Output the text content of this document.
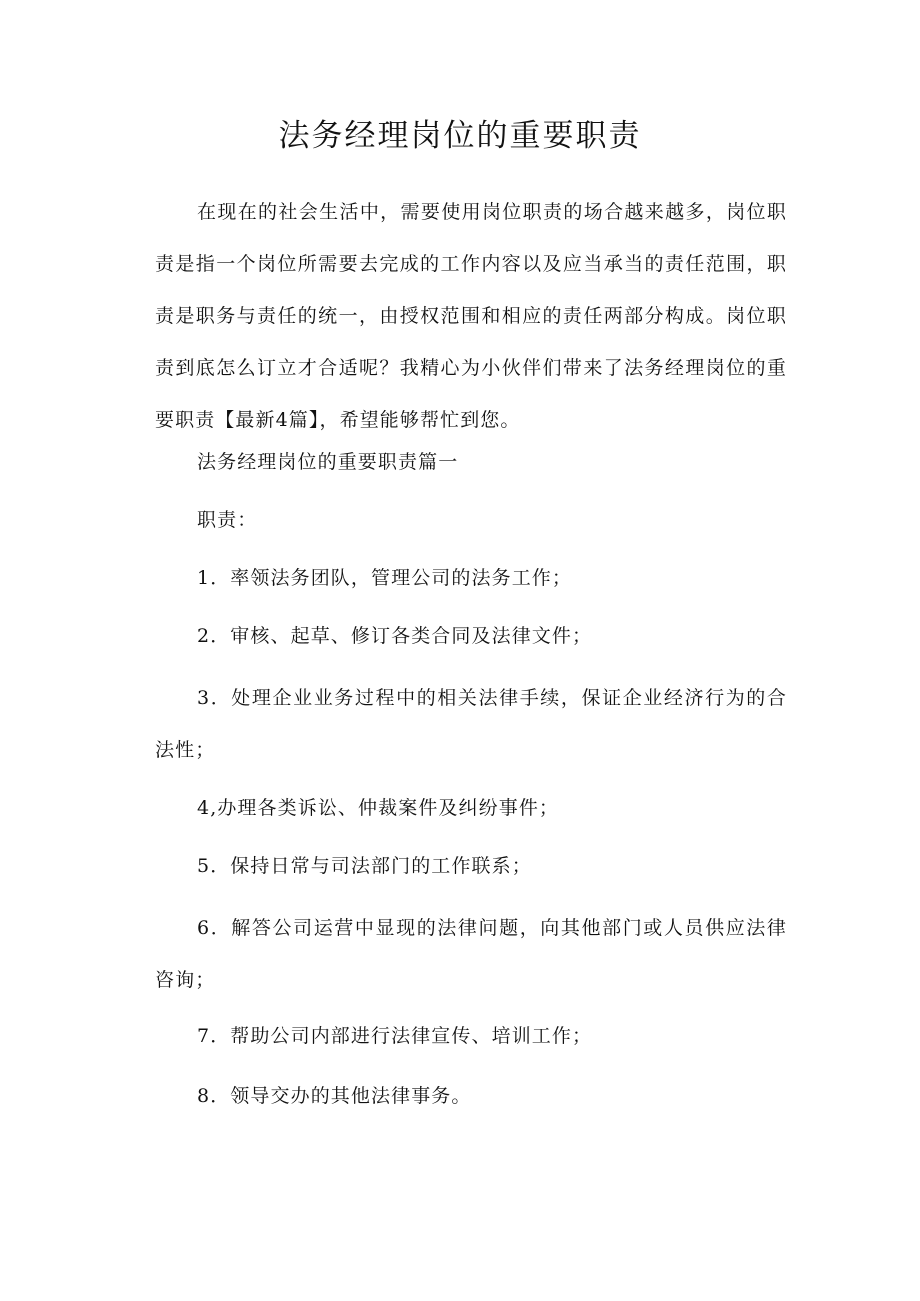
法务经理岗位的重要职责

在现在的社会生活中，需要使用岗位职责的场合越来越多，岗位职责是指一个岗位所需要去完成的工作内容以及应当承当的责任范围，职责是职务与责任的统一，由授权范围和相应的责任两部分构成。岗位职责到底怎么订立才合适呢？我精心为小伙伴们带来了法务经理岗位的重要职责【最新4篇】，希望能够帮忙到您。

法务经理岗位的重要职责篇一

职责：

1．率领法务团队，管理公司的法务工作；

2．审核、起草、修订各类合同及法律文件；

3．处理企业业务过程中的相关法律手续，保证企业经济行为的合法性；

4,办理各类诉讼、仲裁案件及纠纷事件；

5．保持日常与司法部门的工作联系；

6．解答公司运营中显现的法律问题，向其他部门或人员供应法律咨询；

7．帮助公司内部进行法律宣传、培训工作；

8．领导交办的其他法律事务。
